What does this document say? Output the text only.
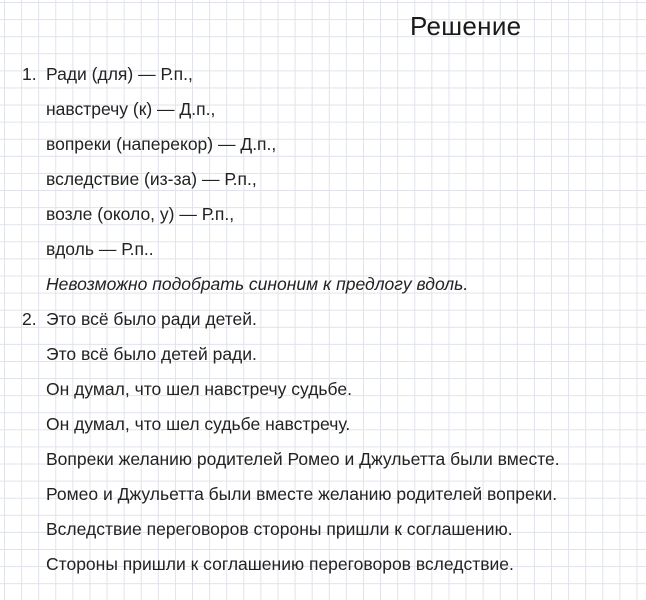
Решение
1. Ради (для) — Р.п.,
навстречу (к) — Д.п.,
вопреки (наперекор) — Д.п.,
вследствие (из-за) — Р.п.,
возле (около, у) — Р.п.,
вдоль — Р.п..
Невозможно подобрать синоним к предлогу вдоль.
2. Это всё было ради детей.
Это всё было детей ради.
Он думал, что шел навстречу судьбе.
Он думал, что шел судьбе навстречу.
Вопреки желанию родителей Ромео и Джульетта были вместе.
Ромео и Джульетта были вместе желанию родителей вопреки.
Вследствие переговоров стороны пришли к соглашению.
Стороны пришли к соглашению переговоров вследствие.
